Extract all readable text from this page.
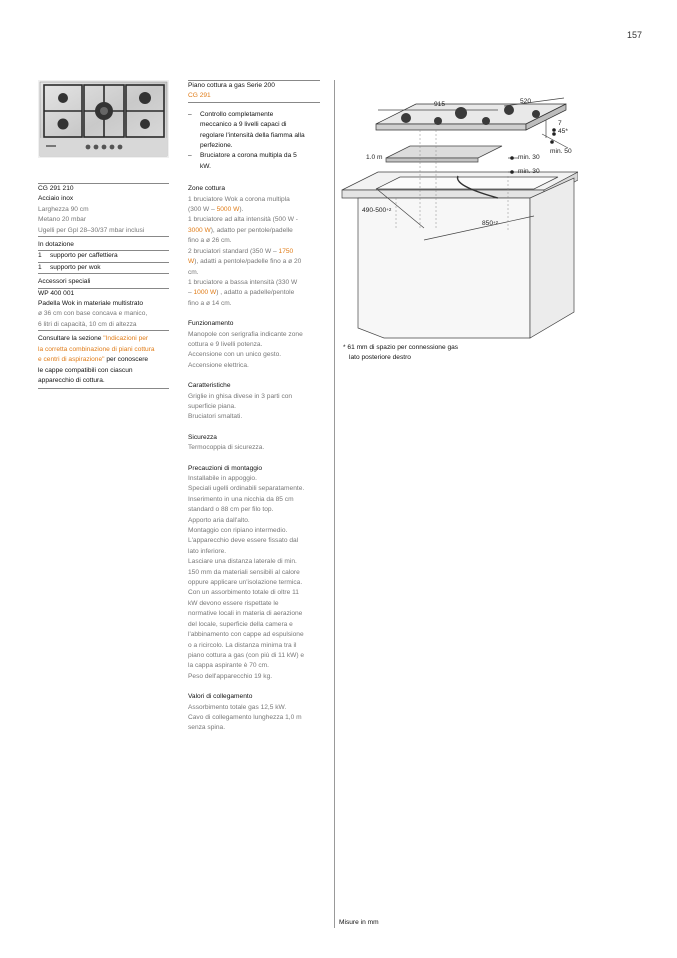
157
CG 291 210
Acciaio inox
Larghezza 90 cm
Metano 20 mbar
Ugelli per Gpl 28–30/37 mbar inclusi
In dotazione
1	supporto per caffettiera
1	supporto per wok
Accessori speciali
WP 400 001
Padella Wok in materiale multistrato
ø 36 cm con base concava e manico,
6 litri di capacità, 10 cm di altezza
Consultare la sezione "Indicazioni per
la corretta combinazione di piani cottura
e centri di aspirazione" per conoscere
le cappe compatibili con ciascun
apparecchio di cottura.
Piano cottura a gas Serie 200
CG 291
–	Controllo completamente
meccanico a 9 livelli capaci di
regolare l'intensità della fiamma alla
perfezione.
–	Bruciatore a corona multipla da 5
kW.
Zone cottura
1 bruciatore Wok a corona multipla
(300 W – 5000 W).
1 bruciatore ad alta intensità (500 W -
3000 W), adatto per pentole/padelle
fino a ø 26 cm.
2 bruciatori standard (350 W – 1750
W), adatti a pentole/padelle fino a ø 20
cm.
1 bruciatore a bassa intensità (330 W
– 1000 W) , adatto a padelle/pentole
fino a ø 14 cm.
Funzionamento
Manopole con serigrafia indicante zone
cottura e 9 livelli potenza.
Accensione con un unico gesto.
Accensione elettrica.
Caratteristiche
Griglie in ghisa divese in 3 parti con
superficie piana.
Bruciatori smaltati.
Sicurezza
Termocoppia di sicurezza.
Precauzioni di montaggio
Installabile in appoggio.
Speciali ugelli ordinabili separatamente.
Inserimento in una nicchia da 85 cm
standard o 88 cm per filo top.
Apporto aria dall'alto.
Montaggio con ripiano intermedio.
L'apparecchio deve essere fissato dal
lato inferiore.
Lasciare una distanza laterale di min.
150 mm da materiali sensibili al calore
oppure applicare un'isolazione termica.
Con un assorbimento totale di oltre 11
kW devono essere rispettate le
normative locali in materia di aerazione
del locale, superficie della camera e
l'abbinamento con cappe ad espulsione
o a ricircolo. La distanza minima tra il
piano cottura a gas (con più di 11 kW) e
la cappa aspirante è 70 cm.
Peso dell'apparecchio 19 kg.
Valori di collegamento
Assorbimento totale gas 12,5 kW.
Cavo di collegamento lunghezza 1,0 m
senza spina.
915	520
7
45*
min. 50
1.0 m	min. 30
min. 30
$490-500^{+2}$
$850^{+2}$
* 61 mm di spazio per connessione gas
lato posteriore destro
Misure in mm
